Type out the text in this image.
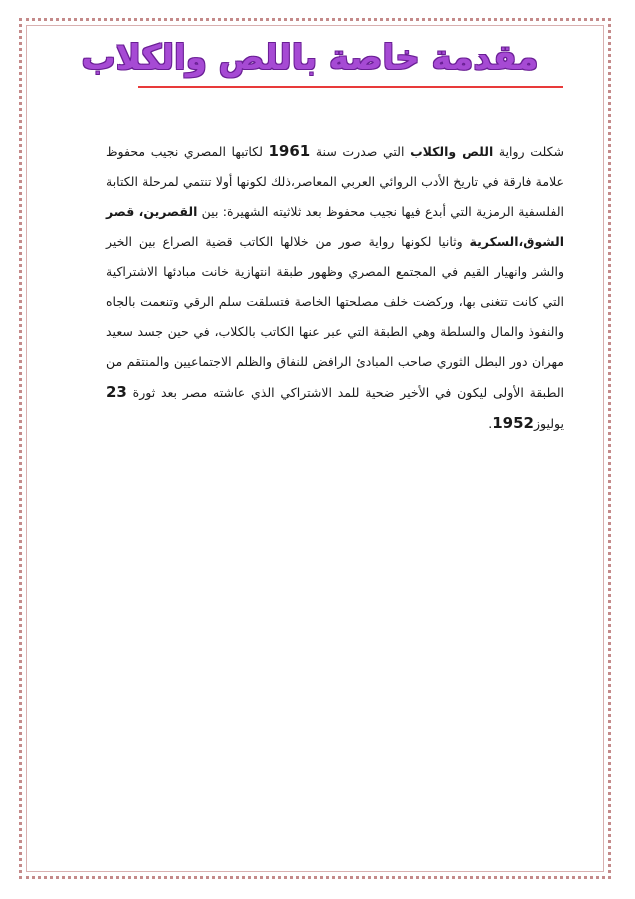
مقدمة خاصة باللص والكلاب
شكلت رواية اللص والكلاب التي صدرت سنة 1961 لكاتبها المصري نجيب محفوظ علامة فارقة في تاريخ الأدب الروائي العربي المعاصر،ذلك لكونها أولا تنتمي لمرحلة الكتابة الفلسفية الرمزية التي أبدع فيها نجيب محفوظ بعد ثلاثيته الشهيرة: بين القصرين، قصر الشوق،السكرية وثانيا لكونها رواية صور من خلالها الكاتب قضية الصراع بين الخير والشر وانهيار القيم في المجتمع المصري وظهور طبقة انتهازية خانت مبادئها الاشتراكية التي كانت تتغنى بها، وركضت خلف مصلحتها الخاصة فتسلقت سلم الرقي وتنعمت بالجاه والنفوذ والمال والسلطة وهي الطبقة التي عبر عنها الكاتب بالكلاب، في حين جسد سعيد مهران دور البطل الثوري صاحب المبادئ الرافض للنفاق والظلم الاجتماعيين والمنتقم من الطبقة الأولى ليكون في الأخير ضحية للمد الاشتراكي الذي عاشته مصر بعد ثورة 23 يوليوز1952.
